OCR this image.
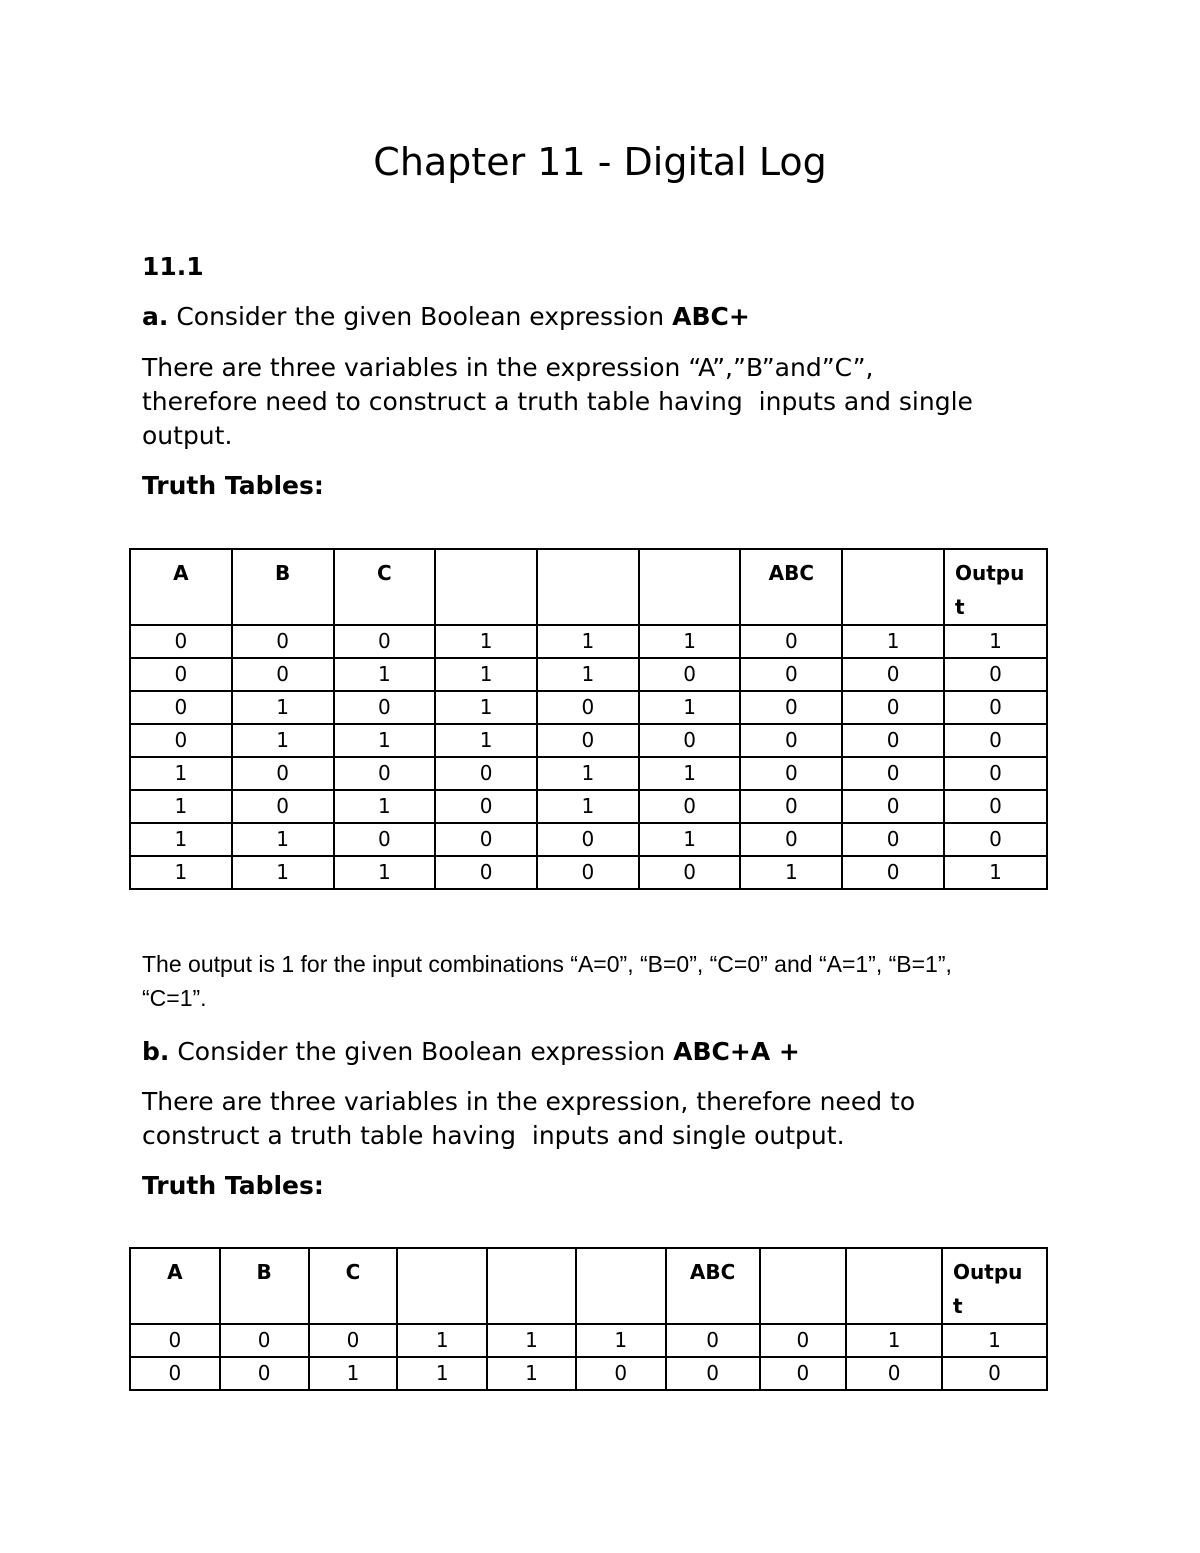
Chapter 11 - Digital Log
11.1
a. Consider the given Boolean expression ABC+
There are three variables in the expression “A”,”B”and”C”,
therefore need to construct a truth table having  inputs and single
output.
Truth Tables:
A	B	C				ABC		Outpu
t
0	0	0	1	1	1	0	1	1
0	0	1	1	1	0	0	0	0
0	1	0	1	0	1	0	0	0
0	1	1	1	0	0	0	0	0
1	0	0	0	1	1	0	0	0
1	0	1	0	1	0	0	0	0
1	1	0	0	0	1	0	0	0
1	1	1	0	0	0	1	0	1
The output is 1 for the input combinations “A=0”, “B=0”, “C=0” and “A=1”, “B=1”,
“C=1”.
b. Consider the given Boolean expression ABC+A +
There are three variables in the expression, therefore need to
construct a truth table having  inputs and single output.
Truth Tables:
A	B	C				ABC			Outpu
t
0	0	0	1	1	1	0	0	1	1
0	0	1	1	1	0	0	0	0	0
